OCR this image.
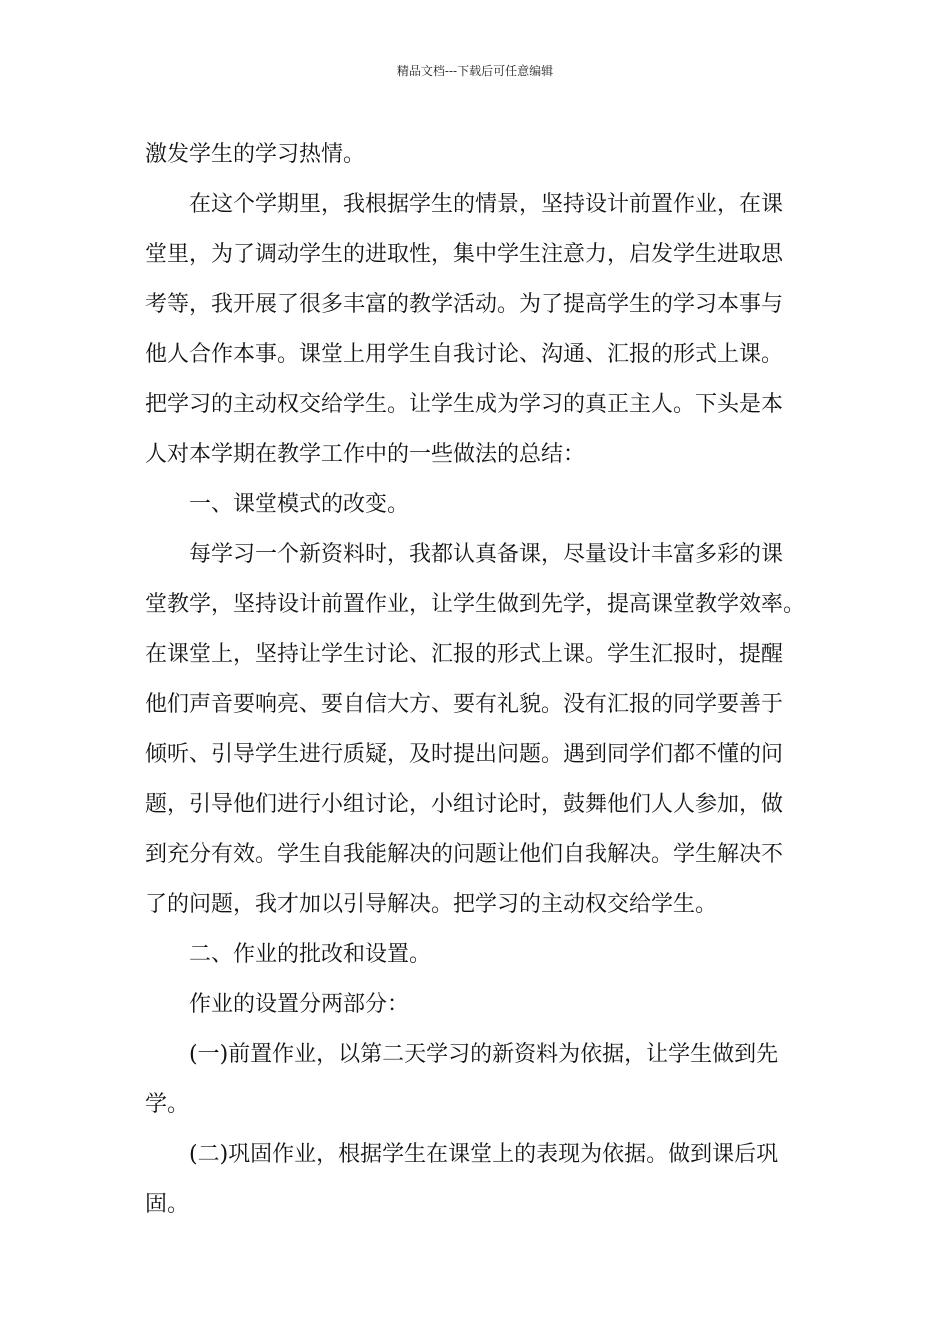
精品文档---下载后可任意编辑
激发学生的学习热情。
在这个学期里，我根据学生的情景，坚持设计前置作业，在课
堂里，为了调动学生的进取性，集中学生注意力，启发学生进取思
考等，我开展了很多丰富的教学活动。为了提高学生的学习本事与
他人合作本事。课堂上用学生自我讨论、沟通、汇报的形式上课。
把学习的主动权交给学生。让学生成为学习的真正主人。下头是本
人对本学期在教学工作中的一些做法的总结：
一、课堂模式的改变。
每学习一个新资料时，我都认真备课，尽量设计丰富多彩的课
堂教学，坚持设计前置作业，让学生做到先学，提高课堂教学效率。
在课堂上，坚持让学生讨论、汇报的形式上课。学生汇报时，提醒
他们声音要响亮、要自信大方、要有礼貌。没有汇报的同学要善于
倾听、引导学生进行质疑，及时提出问题。遇到同学们都不懂的问
题，引导他们进行小组讨论，小组讨论时，鼓舞他们人人参加，做
到充分有效。学生自我能解决的问题让他们自我解决。学生解决不
了的问题，我才加以引导解决。把学习的主动权交给学生。
二、作业的批改和设置。
作业的设置分两部分：
(一)前置作业，以第二天学习的新资料为依据，让学生做到先
学。
(二)巩固作业，根据学生在课堂上的表现为依据。做到课后巩
固。
